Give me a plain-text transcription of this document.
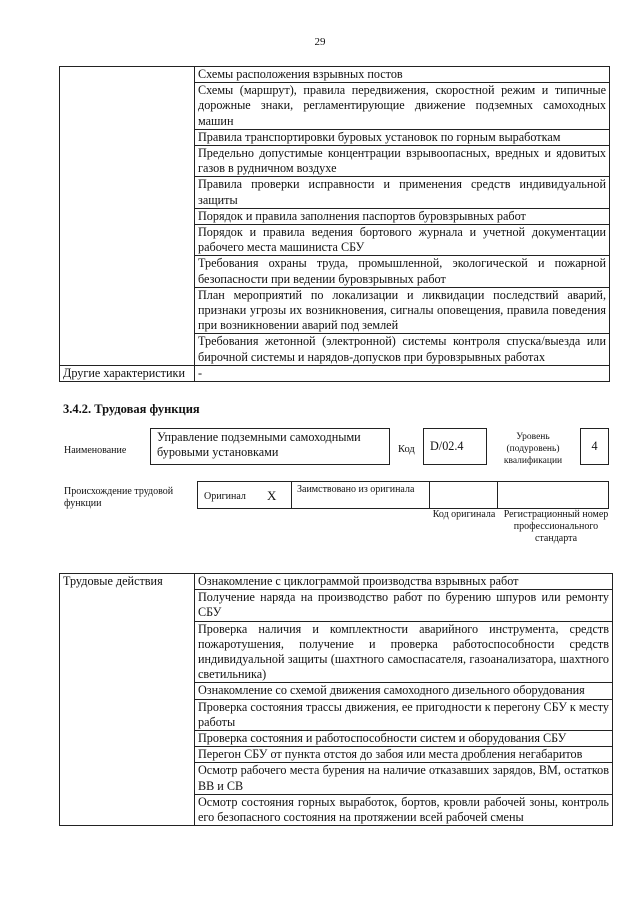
29
	Схемы расположения взрывных постов
	Схемы (маршрут), правила передвижения, скоростной режим и типичные дорожные знаки, регламентирующие движение подземных самоходных машин
	Правила транспортировки буровых установок по горным выработкам
	Предельно допустимые концентрации взрывоопасных, вредных и ядовитых газов в рудничном воздухе
	Правила проверки исправности и применения средств индивидуальной защиты
	Порядок и правила заполнения паспортов буровзрывных работ
	Порядок и правила ведения бортового журнала и учетной документации рабочего места машиниста СБУ
	Требования охраны труда, промышленной, экологической и пожарной безопасности при ведении буровзрывных работ
	План мероприятий по локализации и ликвидации последствий аварий, признаки угрозы их возникновения, сигналы оповещения, правила поведения при возникновении аварий под землей
	Требования жетонной (электронной) системы контроля спуска/выезда или бирочной системы и нарядов-допусков при буровзрывных работах
Другие характеристики	-
3.4.2. Трудовая функция
Наименование
Управление подземными самоходными буровыми установками	Код	D/02.4
Уровень (подуровень) квалификации
4
Происхождение трудовой функции
Оригинал X Заимствовано из оригинала
Код оригинала Регистрационный номер профессионального стандарта
Трудовые действия	Ознакомление с циклограммой производства взрывных работ
Получение наряда на производство работ по бурению шпуров или ремонту СБУ
Проверка наличия и комплектности аварийного инструмента, средств пожаротушения, получение и проверка работоспособности средств индивидуальной защиты (шахтного самоспасателя, газоанализатора, шахтного светильника)
Ознакомление со схемой движения самоходного дизельного оборудования
Проверка состояния трассы движения, ее пригодности к перегону СБУ к месту работы
Проверка состояния и работоспособности систем и оборудования СБУ
Перегон СБУ от пункта отстоя до забоя или места дробления негабаритов
Осмотр рабочего места бурения на наличие отказавших зарядов, ВМ, остатков ВВ и СВ
Осмотр состояния горных выработок, бортов, кровли рабочей зоны, контроль его безопасного состояния на протяжении всей рабочей смены
